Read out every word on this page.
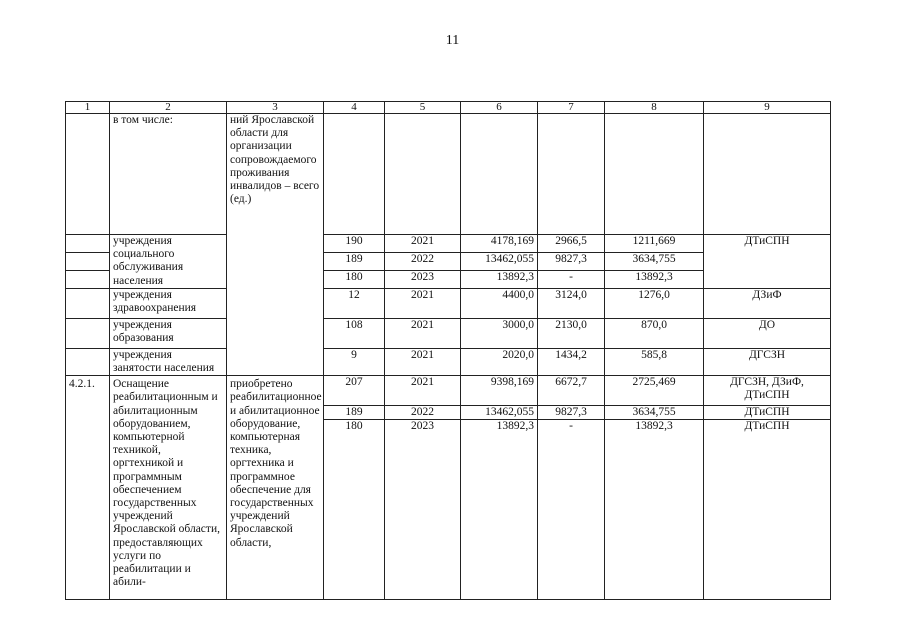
11
1	2	3	4	5	6	7	8	9
	в том числе:	ний Ярославской области для организации сопровождаемого проживания инвалидов – всего (ед.)						
	учреждения социального обслуживания населения		190	2021	4178,169	2966,5	1211,669	ДТиСПН
			189	2022	13462,055	9827,3	3634,755	
			180	2023	13892,3	-	13892,3	
	учреждения здравоохранения		12	2021	4400,0	3124,0	1276,0	ДЗиФ
	учреждения образования		108	2021	3000,0	2130,0	870,0	ДО
	учреждения занятости населения		9	2021	2020,0	1434,2	585,8	ДГСЗН
4.2.1.	Оснащение реабилитационным и абилитационным оборудованием, компьютерной техникой, оргтехникой и программным обеспечением государственных учреждений Ярославской области, предоставляющих услуги по реабилитации и абили-	приобретено реабилитационное и абилитационное оборудование, компьютерная техника, оргтехника и программное обеспечение для государственных учреждений Ярославской области,	207	2021	9398,169	6672,7	2725,469	ДГСЗН, ДЗиФ, ДТиСПН
			189	2022	13462,055	9827,3	3634,755	ДТиСПН
			180	2023	13892,3	-	13892,3	ДТиСПН
